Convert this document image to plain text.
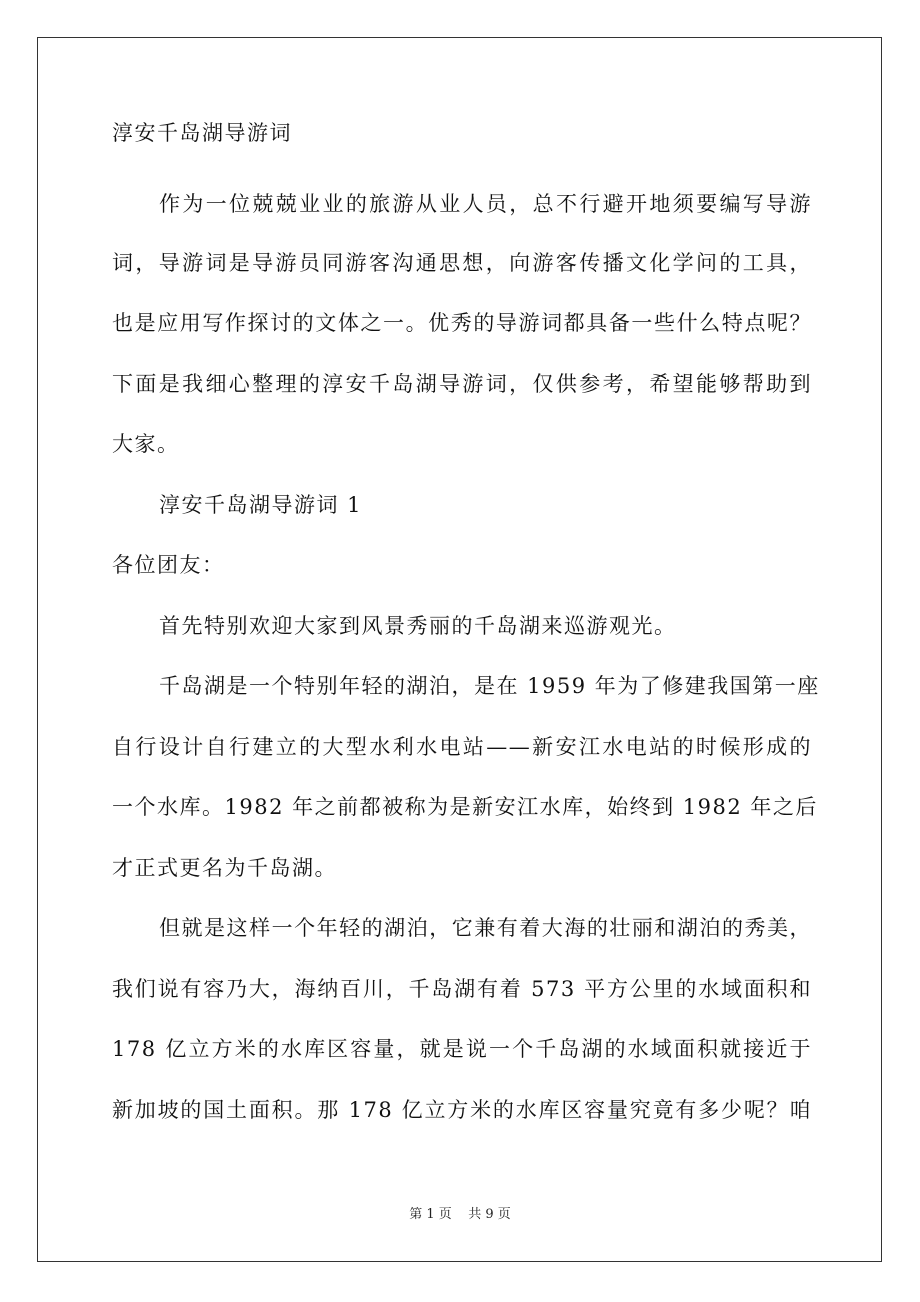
淳安千岛湖导游词
作为一位兢兢业业的旅游从业人员，总不行避开地须要编写导游
词，导游词是导游员同游客沟通思想，向游客传播文化学问的工具，
也是应用写作探讨的文体之一。优秀的导游词都具备一些什么特点呢？
下面是我细心整理的淳安千岛湖导游词，仅供参考，希望能够帮助到
大家。
淳安千岛湖导游词 1
各位团友：
首先特别欢迎大家到风景秀丽的千岛湖来巡游观光。
千岛湖是一个特别年轻的湖泊，是在 1959 年为了修建我国第一座
自行设计自行建立的大型水利水电站——新安江水电站的时候形成的
一个水库。1982 年之前都被称为是新安江水库，始终到 1982 年之后
才正式更名为千岛湖。
但就是这样一个年轻的湖泊，它兼有着大海的壮丽和湖泊的秀美，
我们说有容乃大，海纳百川，千岛湖有着 573 平方公里的水域面积和
178 亿立方米的水库区容量，就是说一个千岛湖的水域面积就接近于
新加坡的国土面积。那 178 亿立方米的水库区容量究竟有多少呢？咱
第 1 页    共 9 页
